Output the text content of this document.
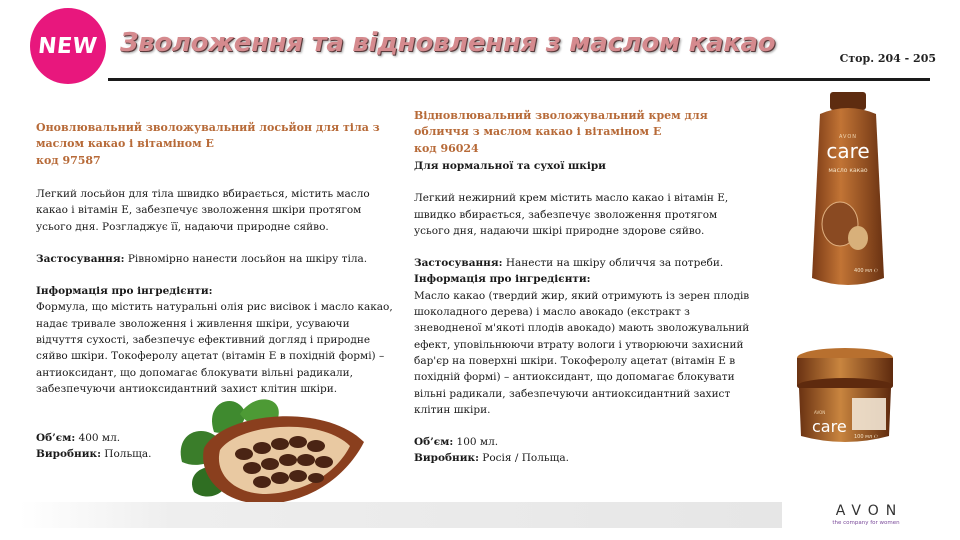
NEW Зволоження та відновлення з маслом какао
Стор. 204 - 205
Оновлювальний зволожувальний лосьйон для тіла з маслом какао і вітаміном Е
код 97587

Легкий лосьйон для тіла швидко вбирається, містить масло какао і вітамін Е, забезпечує зволоження шкіри протягом усього дня. Розгладжує її, надаючи природне сяйво.

Застосування: Рівномірно нанести лосьйон на шкіру тіла.

Інформація про інгредієнти:

Формула, що містить натуральні олія рис висівок і масло какао, надає тривале зволоження і живлення шкіри, усуваючи відчуття сухості, забезпечує ефективний догляд і природне сяйво шкіри. Токоферолу ацетат (вітамін Е в похідній формі) – антиоксидант, що допомагає блокувати вільні радикали, забезпечуючи антиоксидантний захист клітин шкіри.

Об’єм: 400 мл.

Виробник: Польща.

Відновлювальний зволожувальний крем для обличчя з маслом какао і вітаміном Е
код 96024
Для нормальної та сухої шкіри

Легкий нежирний крем містить масло какао і вітамін Е, швидко вбирається, забезпечує зволоження протягом усього дня, надаючи шкірі природне здорове сяйво.

Застосування: Нанести на шкіру обличчя за потреби.

Інформація про інгредієнти:

Масло какао (твердий жир, який отримують із зерен плодів шоколадного дерева) і масло авокадо (екстракт з зневодненої м'якоті плодів авокадо) мають зволожувальний ефект, уповільнюючи втрату вологи і утворюючи захисний бар'єр на поверхні шкіри. Токоферолу ацетат (вітамін Е в похідній формі) – антиоксидант, що допомагає блокувати вільні радикали, забезпечуючи антиоксидантний захист клітин шкіри.

Об’єм: 100 мл.

Виробник: Росія / Польща.

AVON
care
масло какао
400 мл ℮
AVON
care
100 мл ℮
AVON
the company for women
